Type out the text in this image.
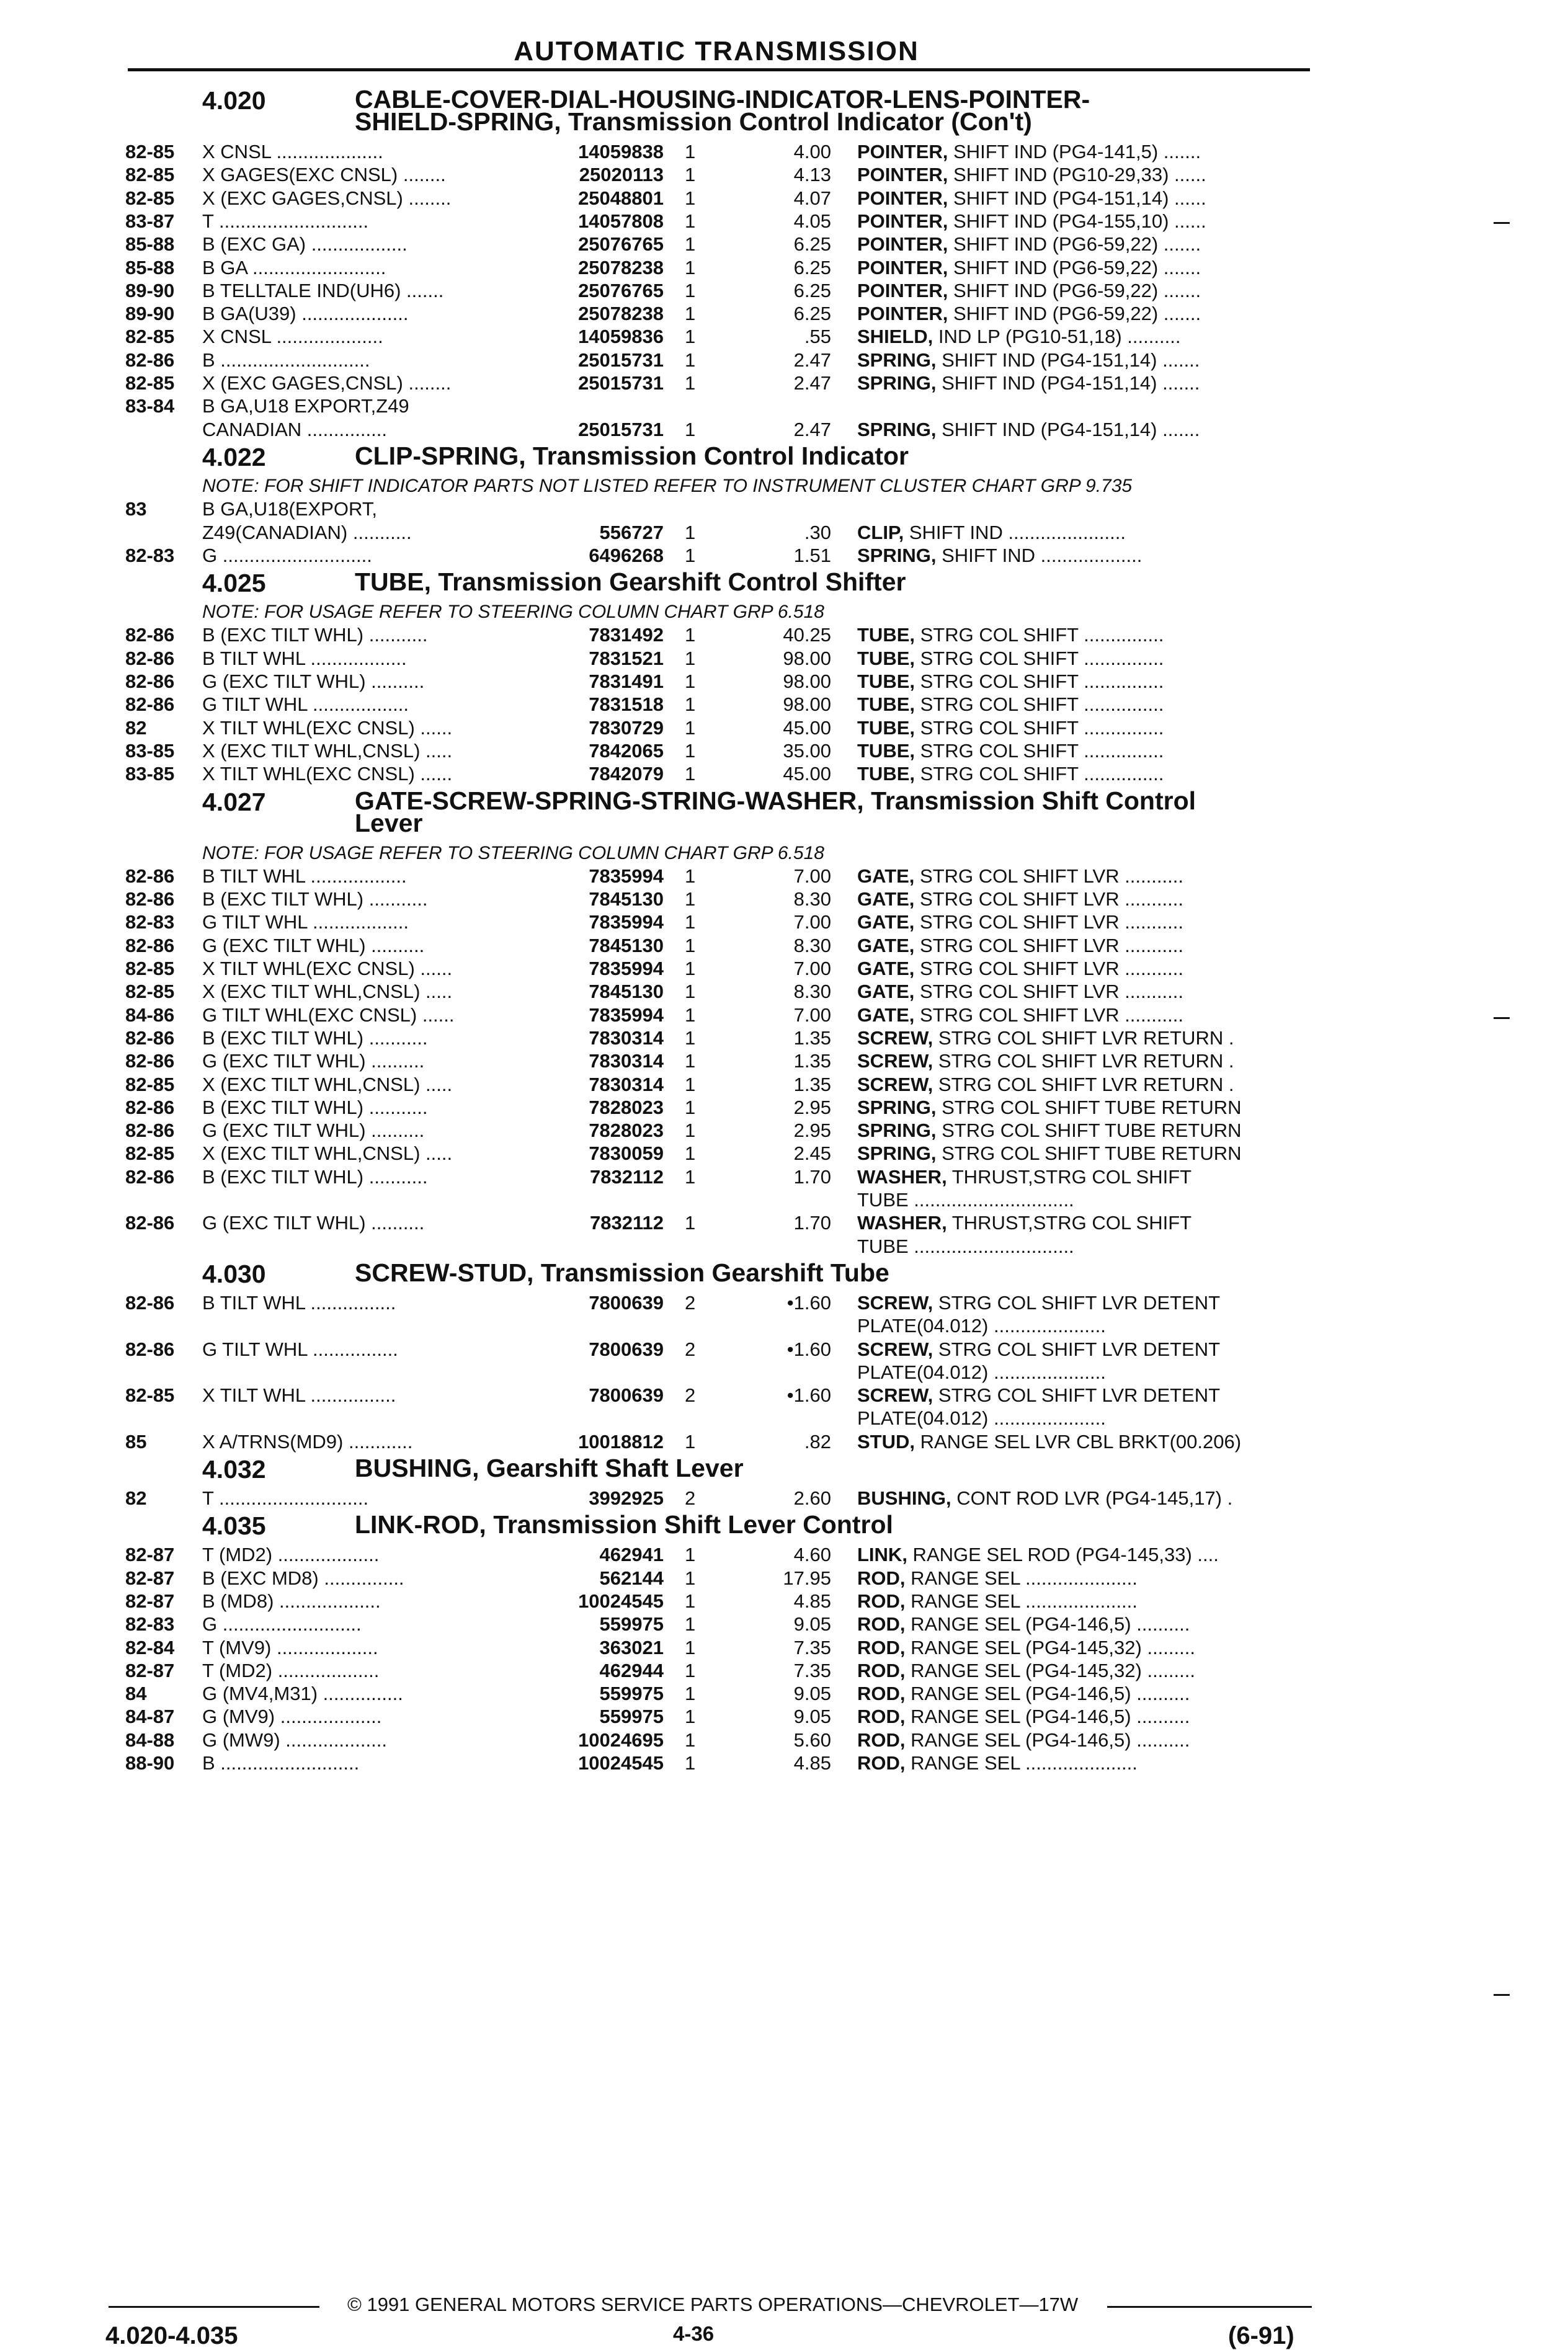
AUTOMATIC TRANSMISSION
4.020	CABLE-COVER-DIAL-HOUSING-INDICATOR-LENS-POINTER-
SHIELD-SPRING, Transmission Control Indicator (Con't)
82-85 X CNSL ....................	14059838 1	4.00 POINTER, SHIFT IND (PG4-141,5) .......
82-85 X GAGES(EXC CNSL) ........	25020113 1	4.13 POINTER, SHIFT IND (PG10-29,33) ......
82-85 X (EXC GAGES,CNSL) ........	25048801 1	4.07 POINTER, SHIFT IND (PG4-151,14) ......
83-87 T ............................	14057808 1	4.05 POINTER, SHIFT IND (PG4-155,10) ......
85-88 B (EXC GA) ..................	25076765 1	6.25 POINTER, SHIFT IND (PG6-59,22) .......
85-88 B GA .........................	25078238 1	6.25 POINTER, SHIFT IND (PG6-59,22) .......
89-90 B TELLTALE IND(UH6) .......	25076765 1	6.25 POINTER, SHIFT IND (PG6-59,22) .......
89-90 B GA(U39) ....................	25078238 1	6.25 POINTER, SHIFT IND (PG6-59,22) .......
82-85 X CNSL ....................	14059836 1	.55 SHIELD, IND LP (PG10-51,18) ..........
82-86 B ............................	25015731 1	2.47 SPRING, SHIFT IND (PG4-151,14) .......
82-85 X (EXC GAGES,CNSL) ........	25015731 1	2.47 SPRING, SHIFT IND (PG4-151,14) .......
83-84 B GA,U18 EXPORT,Z49
CANADIAN ...............	25015731 1	2.47 SPRING, SHIFT IND (PG4-151,14) .......
4.022	CLIP-SPRING, Transmission Control Indicator
NOTE: FOR SHIFT INDICATOR PARTS NOT LISTED REFER TO INSTRUMENT CLUSTER CHART GRP 9.735
83	B GA,U18(EXPORT,
Z49(CANADIAN) ...........	556727 1	.30 CLIP, SHIFT IND ......................
82-83 G ............................	6496268 1	1.51 SPRING, SHIFT IND ...................
4.025	TUBE, Transmission Gearshift Control Shifter
NOTE: FOR USAGE REFER TO STEERING COLUMN CHART GRP 6.518
82-86 B (EXC TILT WHL) ...........	7831492 1	40.25 TUBE, STRG COL SHIFT ...............
82-86 B TILT WHL ..................	7831521 1	98.00 TUBE, STRG COL SHIFT ...............
82-86 G (EXC TILT WHL) ..........	7831491 1	98.00 TUBE, STRG COL SHIFT ...............
82-86 G TILT WHL ..................	7831518 1	98.00 TUBE, STRG COL SHIFT ...............
82	X TILT WHL(EXC CNSL) ......	7830729 1	45.00 TUBE, STRG COL SHIFT ...............
83-85 X (EXC TILT WHL,CNSL) .....	7842065 1	35.00 TUBE, STRG COL SHIFT ...............
83-85 X TILT WHL(EXC CNSL) ......	7842079 1	45.00 TUBE, STRG COL SHIFT ...............
4.027	GATE-SCREW-SPRING-STRING-WASHER, Transmission Shift Control
Lever
NOTE: FOR USAGE REFER TO STEERING COLUMN CHART GRP 6.518
82-86 B TILT WHL ..................	7835994 1	7.00 GATE, STRG COL SHIFT LVR ...........
82-86 B (EXC TILT WHL) ...........	7845130 1	8.30 GATE, STRG COL SHIFT LVR ...........
82-83 G TILT WHL ..................	7835994 1	7.00 GATE, STRG COL SHIFT LVR ...........
82-86 G (EXC TILT WHL) ..........	7845130 1	8.30 GATE, STRG COL SHIFT LVR ...........
82-85 X TILT WHL(EXC CNSL) ......	7835994 1	7.00 GATE, STRG COL SHIFT LVR ...........
82-85 X (EXC TILT WHL,CNSL) .....	7845130 1	8.30 GATE, STRG COL SHIFT LVR ...........
84-86 G TILT WHL(EXC CNSL) ......	7835994 1	7.00 GATE, STRG COL SHIFT LVR ...........
82-86 B (EXC TILT WHL) ...........	7830314 1	1.35 SCREW, STRG COL SHIFT LVR RETURN .
82-86 G (EXC TILT WHL) ..........	7830314 1	1.35 SCREW, STRG COL SHIFT LVR RETURN .
82-85 X (EXC TILT WHL,CNSL) .....	7830314 1	1.35 SCREW, STRG COL SHIFT LVR RETURN .
82-86 B (EXC TILT WHL) ...........	7828023 1	2.95 SPRING, STRG COL SHIFT TUBE RETURN
82-86 G (EXC TILT WHL) ..........	7828023 1	2.95 SPRING, STRG COL SHIFT TUBE RETURN
82-85 X (EXC TILT WHL,CNSL) .....	7830059 1	2.45 SPRING, STRG COL SHIFT TUBE RETURN
82-86 B (EXC TILT WHL) ...........	7832112 1	1.70 WASHER, THRUST,STRG COL SHIFT
TUBE ..............................
82-86 G (EXC TILT WHL) ..........	7832112 1	1.70 WASHER, THRUST,STRG COL SHIFT
TUBE ..............................
4.030	SCREW-STUD, Transmission Gearshift Tube
82-86 B TILT WHL ................	7800639 2	•1.60 SCREW, STRG COL SHIFT LVR DETENT
PLATE(04.012) .....................
82-86 G TILT WHL ................	7800639 2	•1.60 SCREW, STRG COL SHIFT LVR DETENT
PLATE(04.012) .....................
82-85 X TILT WHL ................	7800639 2	•1.60 SCREW, STRG COL SHIFT LVR DETENT
PLATE(04.012) .....................
85	X A/TRNS(MD9) ............	10018812 1	.82 STUD, RANGE SEL LVR CBL BRKT(00.206)
4.032	BUSHING, Gearshift Shaft Lever
82	T ............................	3992925 2	2.60 BUSHING, CONT ROD LVR (PG4-145,17) .
4.035	LINK-ROD, Transmission Shift Lever Control
82-87 T (MD2) ...................	462941 1	4.60 LINK, RANGE SEL ROD (PG4-145,33) ....
82-87 B (EXC MD8) ...............	562144 1	17.95 ROD, RANGE SEL .....................
82-87 B (MD8) ...................	10024545 1	4.85 ROD, RANGE SEL .....................
82-83 G ..........................	559975 1	9.05 ROD, RANGE SEL (PG4-146,5) ..........
82-84 T (MV9) ...................	363021 1	7.35 ROD, RANGE SEL (PG4-145,32) .........
82-87 T (MD2) ...................	462944 1	7.35 ROD, RANGE SEL (PG4-145,32) .........
84	G (MV4,M31) ...............	559975 1	9.05 ROD, RANGE SEL (PG4-146,5) ..........
84-87 G (MV9) ...................	559975 1	9.05 ROD, RANGE SEL (PG4-146,5) ..........
84-88 G (MW9) ...................	10024695 1	5.60 ROD, RANGE SEL (PG4-146,5) ..........
88-90 B ..........................	10024545 1	4.85 ROD, RANGE SEL .....................
© 1991 GENERAL MOTORS SERVICE PARTS OPERATIONS—CHEVROLET—17W
4.020-4.035	4-36	(6-91)
